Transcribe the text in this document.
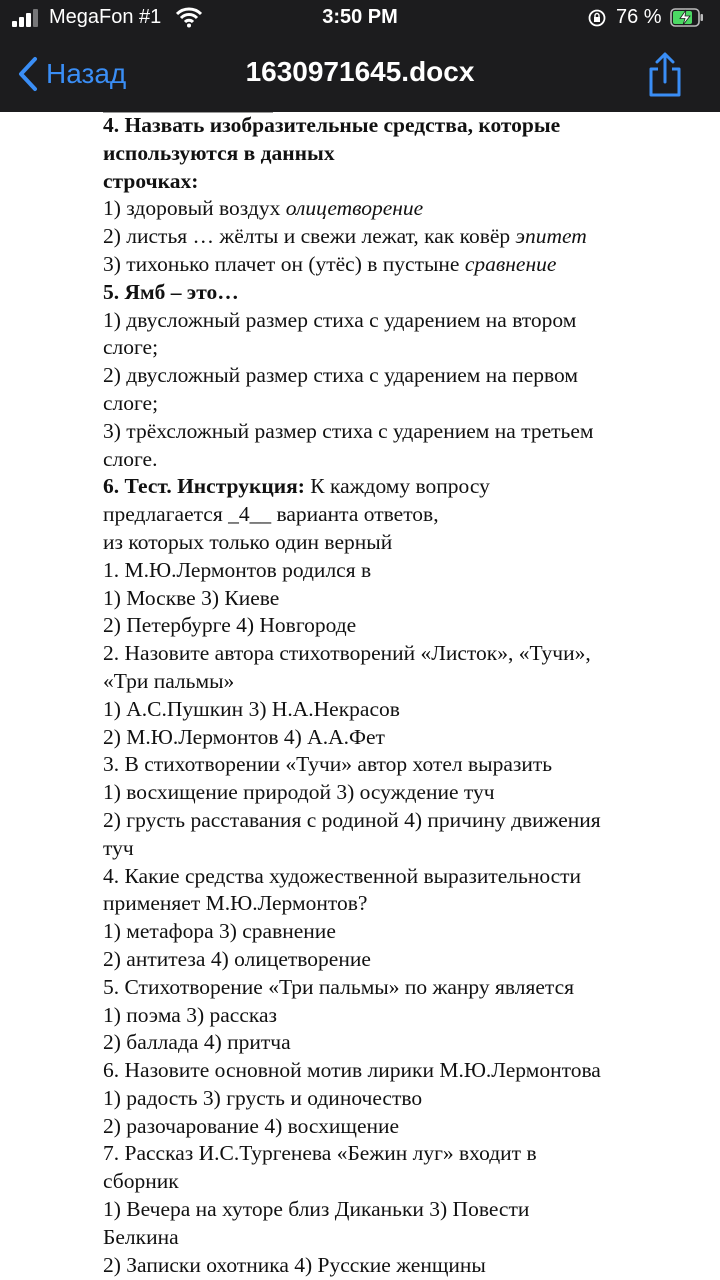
MegaFon #1	3:50 PM	76 %
Назад	1630971645.docx

4. Назвать изобразительные средства, которые

используются в данных

строчках:

1) здоровый воздух олицетворение

2) листья … жёлты и свежи лежат, как ковёр эпитет

3) тихонько плачет он (утёс) в пустыне сравнение

5. Ямб – это…

1) двусложный размер стиха с ударением на втором

слоге;

2) двусложный размер стиха с ударением на первом

слоге;

3) трёхсложный размер стиха с ударением на третьем

слоге.

6. Тест. Инструкция: К каждому вопросу

предлагается _4__ варианта ответов,

из которых только один верный

1. М.Ю.Лермонтов родился в

1) Москве 3) Киеве

2) Петербурге 4) Новгороде

2. Назовите автора стихотворений «Листок», «Тучи»,

«Три пальмы»

1) А.С.Пушкин 3) Н.А.Некрасов

2) М.Ю.Лермонтов 4) А.А.Фет

3. В стихотворении «Тучи» автор хотел выразить

1) восхищение природой 3) осуждение туч

2) грусть расставания с родиной 4) причину движения

туч

4. Какие средства художественной выразительности

применяет М.Ю.Лермонтов?

1) метафора 3) сравнение

2) антитеза 4) олицетворение

5. Стихотворение «Три пальмы» по жанру является

1) поэма 3) рассказ

2) баллада 4) притча

6. Назовите основной мотив лирики М.Ю.Лермонтова

1) радость 3) грусть и одиночество

2) разочарование 4) восхищение

7. Рассказ И.С.Тургенева «Бежин луг» входит в

сборник

1) Вечера на хуторе близ Диканьки 3) Повести

Белкина

2) Записки охотника 4) Русские женщины
